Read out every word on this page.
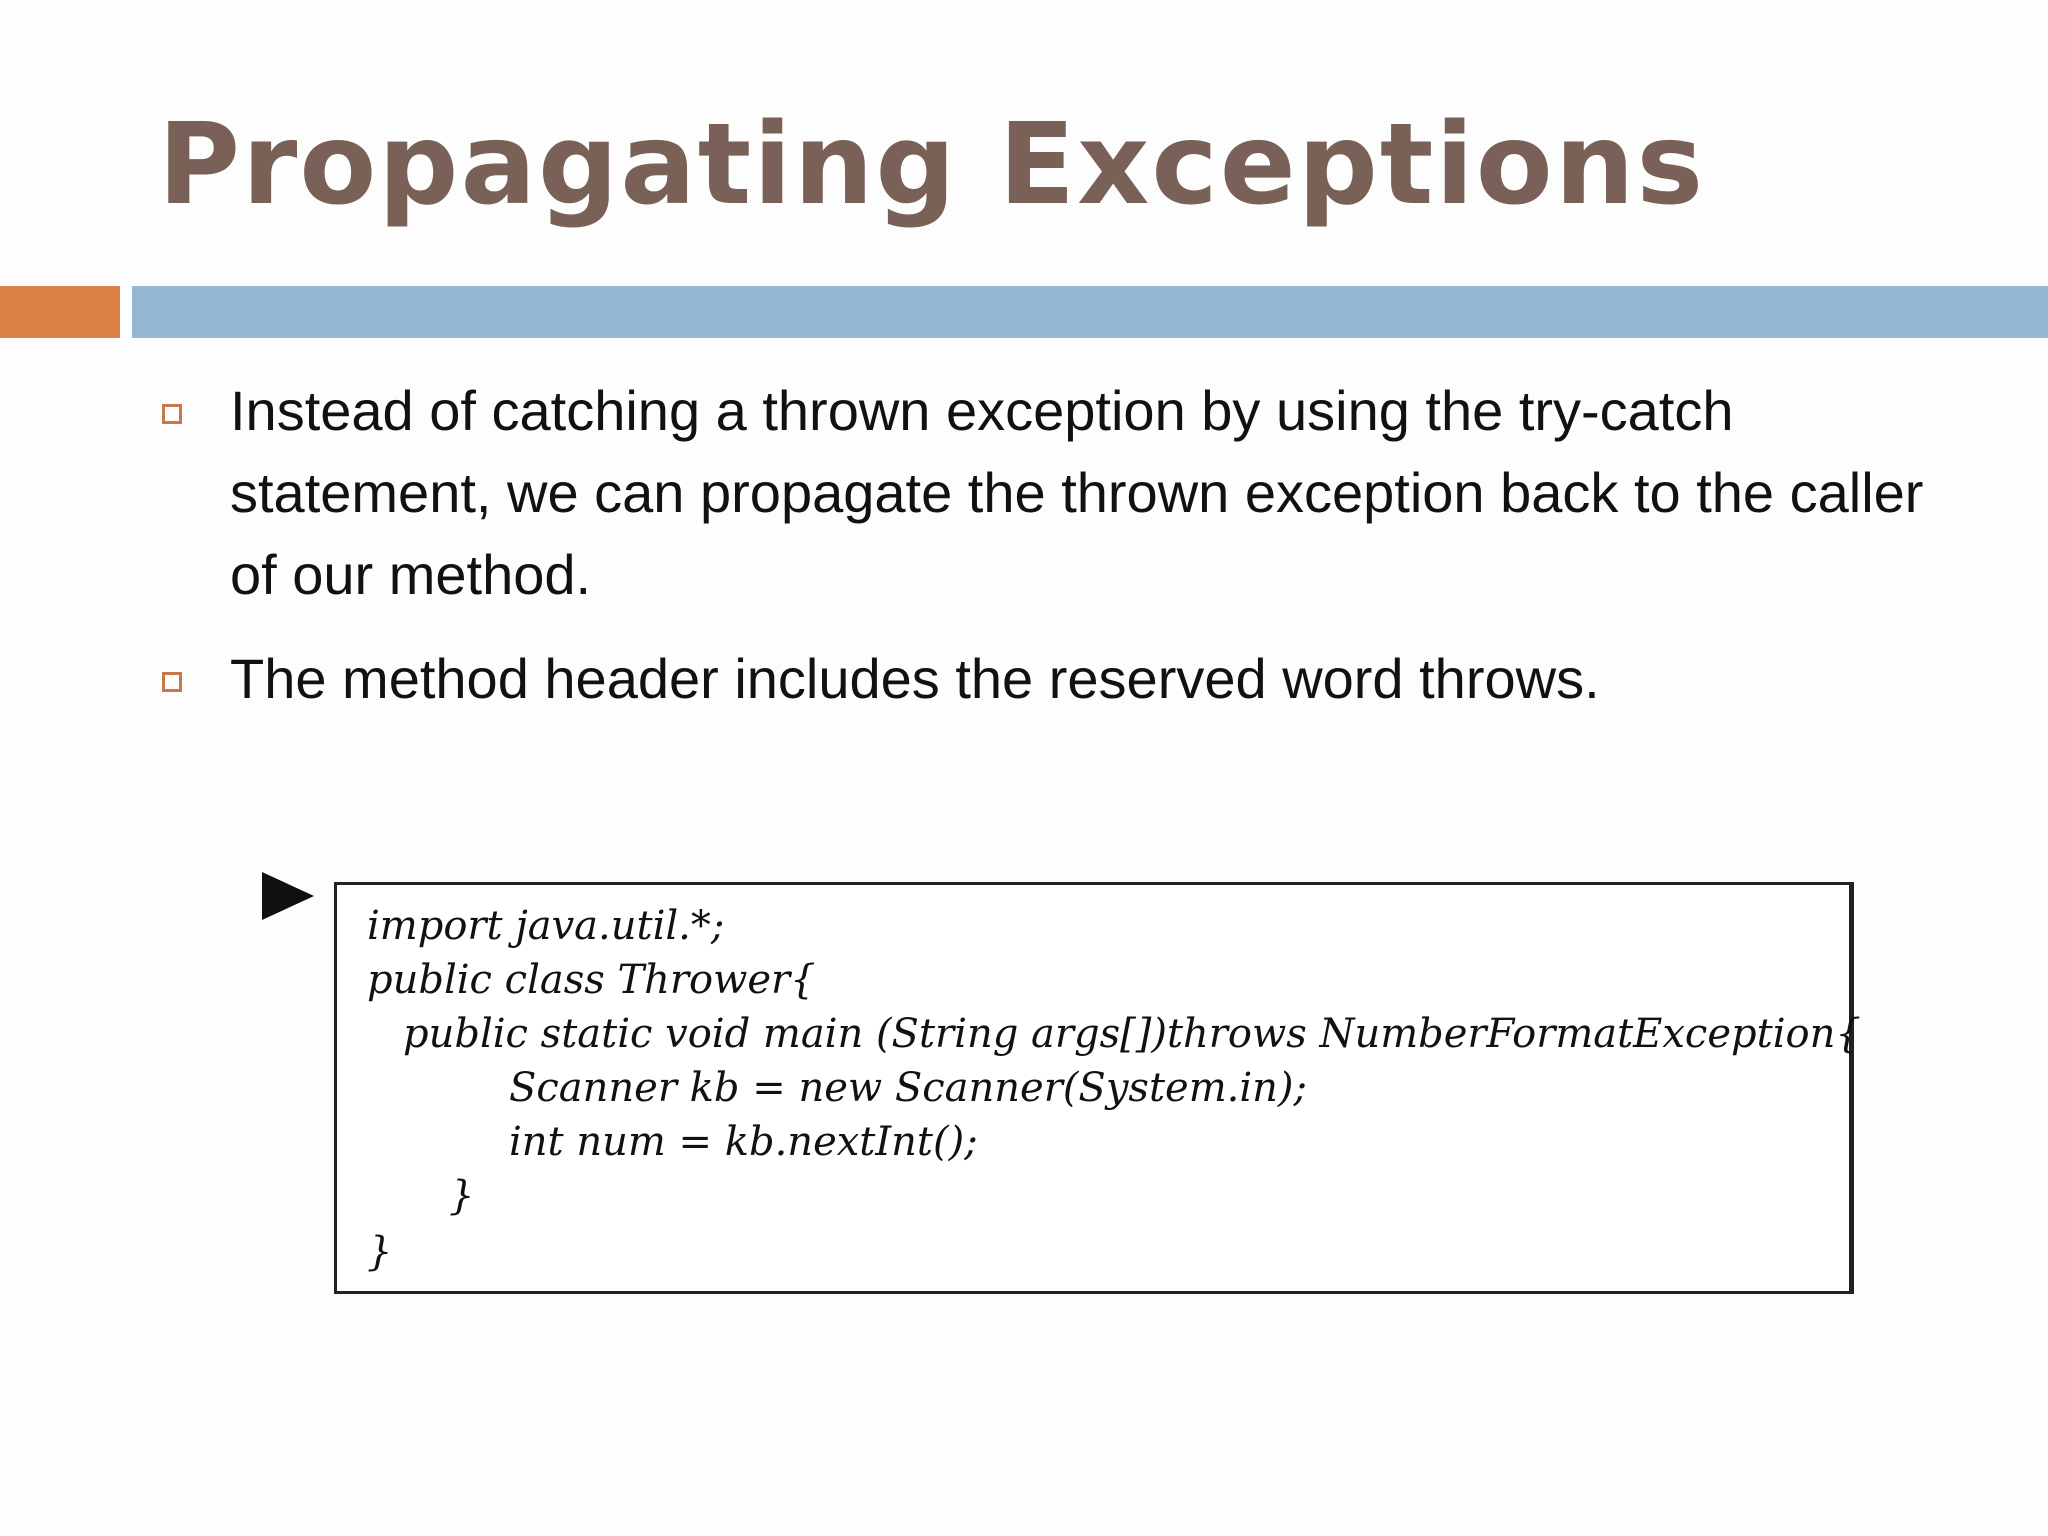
Propagating Exceptions
Instead of catching a thrown exception by using the try-catch statement, we can propagate the thrown exception back to the caller of our method.
The method header includes the reserved word throws.
import java.util.*;
public class Thrower{
public static void main (String args[])throws NumberFormatException{
Scanner kb = new Scanner(System.in);
int num = kb.nextInt();
}
}
